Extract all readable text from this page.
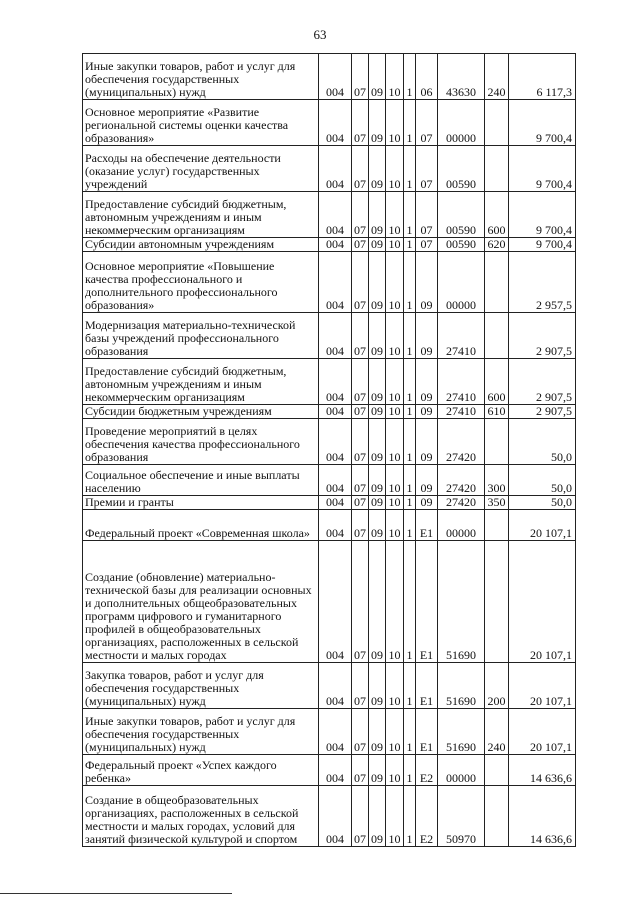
63
Иные закупки товаров, работ и услуг для обеспечения государственных (муниципальных) нужд	004	07	09	10	1	06	43630	240	6 117,3
Основное мероприятие «Развитие региональной системы оценки качества образования»	004	07	09	10	1	07	00000		9 700,4
Расходы на обеспечение деятельности (оказание услуг) государственных учреждений	004	07	09	10	1	07	00590		9 700,4
Предоставление субсидий бюджетным, автономным учреждениям и иным некоммерческим организациям	004	07	09	10	1	07	00590	600	9 700,4
Субсидии автономным учреждениям	004	07	09	10	1	07	00590	620	9 700,4
Основное мероприятие «Повышение качества профессионального и дополнительного профессионального образования»	004	07	09	10	1	09	00000		2 957,5
Модернизация материально-технической базы учреждений профессионального образования	004	07	09	10	1	09	27410		2 907,5
Предоставление субсидий бюджетным, автономным учреждениям и иным некоммерческим организациям	004	07	09	10	1	09	27410	600	2 907,5
Субсидии бюджетным учреждениям	004	07	09	10	1	09	27410	610	2 907,5
Проведение мероприятий в целях обеспечения качества профессионального образования	004	07	09	10	1	09	27420		50,0
Социальное обеспечение и иные выплаты населению	004	07	09	10	1	09	27420	300	50,0
Премии и гранты	004	07	09	10	1	09	27420	350	50,0
Федеральный проект «Современная школа»	004	07	09	10	1	E1	00000		20 107,1
Создание (обновление) материально-технической базы для реализации основных и дополнительных общеобразовательных программ цифрового и гуманитарного профилей в общеобразовательных организациях, расположенных в сельской местности и малых городах	004	07	09	10	1	E1	51690		20 107,1
Закупка товаров, работ и услуг для обеспечения государственных (муниципальных) нужд	004	07	09	10	1	E1	51690	200	20 107,1
Иные закупки товаров, работ и услуг для обеспечения государственных (муниципальных) нужд	004	07	09	10	1	E1	51690	240	20 107,1
Федеральный проект «Успех каждого ребенка»	004	07	09	10	1	E2	00000		14 636,6
Создание в общеобразовательных организациях, расположенных в сельской местности и малых городах, условий для занятий физической культурой и спортом	004	07	09	10	1	E2	50970		14 636,6
